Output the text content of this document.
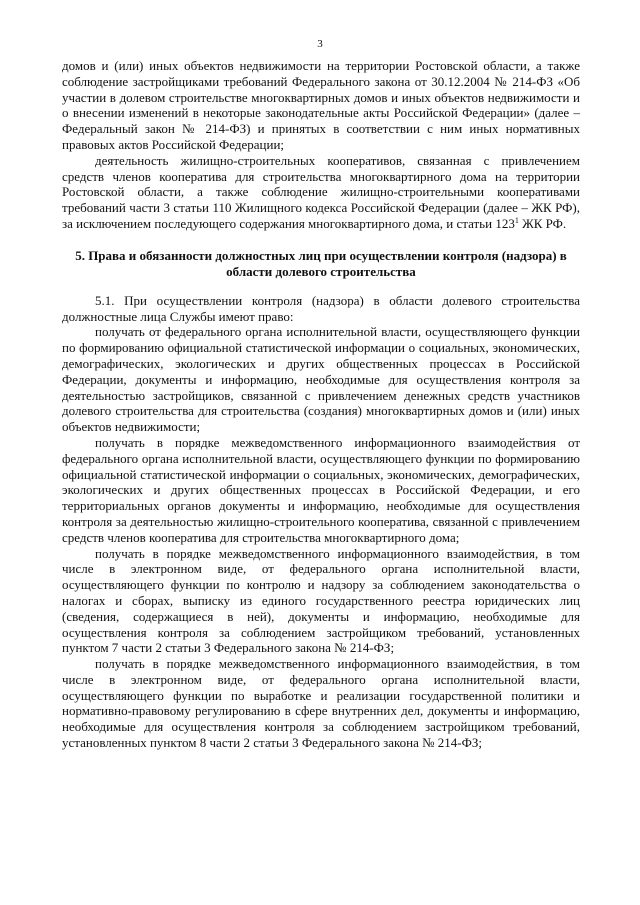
3

домов и (или) иных объектов недвижимости на территории Ростовской области, а также соблюдение застройщиками требований Федерального закона от 30.12.2004 № 214-ФЗ «Об участии в долевом строительстве многоквартирных домов и иных объектов недвижимости и о внесении изменений в некоторые законодательные акты Российской Федерации» (далее – Федеральный закон № 214-ФЗ) и принятых в соответствии с ним иных нормативных правовых актов Российской Федерации;

деятельность жилищно-строительных кооперативов, связанная с привлечением средств членов кооператива для строительства многоквартирного дома на территории Ростовской области, а также соблюдение жилищно-строительными кооперативами требований части 3 статьи 110 Жилищного кодекса Российской Федерации (далее – ЖК РФ), за исключением последующего содержания многоквартирного дома, и статьи $123^1$ ЖК РФ.

5. Права и обязанности должностных лиц при осуществлении контроля (надзора) в области долевого строительства

5.1. При осуществлении контроля (надзора) в области долевого строительства должностные лица Службы имеют право:

получать от федерального органа исполнительной власти, осуществляющего функции по формированию официальной статистической информации о социальных, экономических, демографических, экологических и других общественных процессах в Российской Федерации, документы и информацию, необходимые для осуществления контроля за деятельностью застройщиков, связанной с привлечением денежных средств участников долевого строительства для строительства (создания) многоквартирных домов и (или) иных объектов недвижимости;

получать в порядке межведомственного информационного взаимодействия от федерального органа исполнительной власти, осуществляющего функции по формированию официальной статистической информации о социальных, экономических, демографических, экологических и других общественных процессах в Российской Федерации, и его территориальных органов документы и информацию, необходимые для осуществления контроля за деятельностью жилищно-строительного кооператива, связанной с привлечением средств членов кооператива для строительства многоквартирного дома;

получать в порядке межведомственного информационного взаимодействия, в том числе в электронном виде, от федерального органа исполнительной власти, осуществляющего функции по контролю и надзору за соблюдением законодательства о налогах и сборах, выписку из единого государственного реестра юридических лиц (сведения, содержащиеся в ней), документы и информацию, необходимые для осуществления контроля за соблюдением застройщиком требований, установленных пунктом 7 части 2 статьи 3 Федерального закона № 214-ФЗ;

получать в порядке межведомственного информационного взаимодействия, в том числе в электронном виде, от федерального органа исполнительной власти, осуществляющего функции по выработке и реализации государственной политики и нормативно-правовому регулированию в сфере внутренних дел, документы и информацию, необходимые для осуществления контроля за соблюдением застройщиком требований, установленных пунктом 8 части 2 статьи 3 Федерального закона № 214-ФЗ;
